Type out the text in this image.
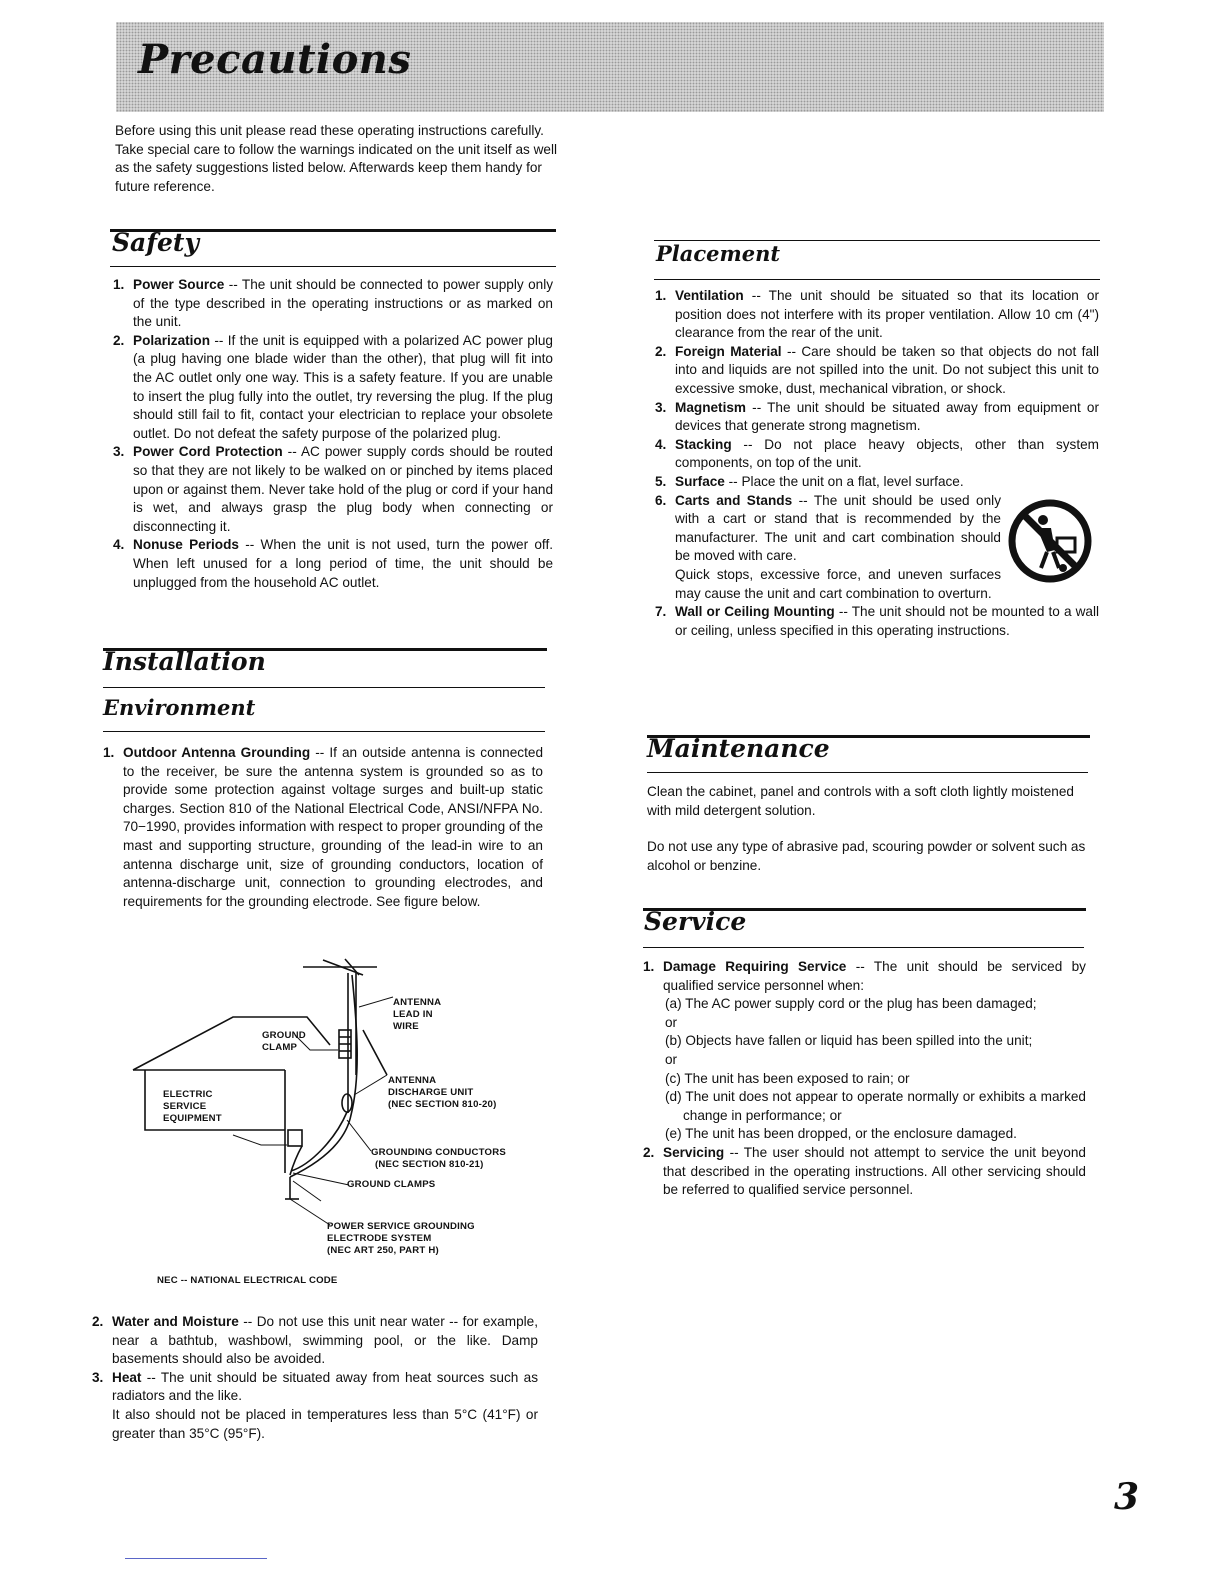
Precautions

Before using this unit please read these operating instructions carefully. Take special care to follow the warnings indicated on the unit itself as well as the safety suggestions listed below. Afterwards keep them handy for future reference.

Safety
1. Power Source -- The unit should be connected to power supply only of the type described in the operating instructions or as marked on the unit.
2. Polarization -- If the unit is equipped with a polarized AC power plug (a plug having one blade wider than the other), that plug will fit into the AC outlet only one way. This is a safety feature. If you are unable to insert the plug fully into the outlet, try reversing the plug. If the plug should still fail to fit, contact your electrician to replace your obsolete outlet. Do not defeat the safety purpose of the polarized plug.
3. Power Cord Protection -- AC power supply cords should be routed so that they are not likely to be walked on or pinched by items placed upon or against them. Never take hold of the plug or cord if your hand is wet, and always grasp the plug body when connecting or disconnecting it.
4. Nonuse Periods -- When the unit is not used, turn the power off. When left unused for a long period of time, the unit should be unplugged from the household AC outlet.
Installation
Environment
1. Outdoor Antenna Grounding -- If an outside antenna is connected to the receiver, be sure the antenna system is grounded so as to provide some protection against voltage surges and built-up static charges. Section 810 of the National Electrical Code, ANSI/NFPA No. 70−1990, provides information with respect to proper grounding of the mast and supporting structure, grounding of the lead-in wire to an antenna discharge unit, size of grounding conductors, location of antenna-discharge unit, connection to grounding electrodes, and requirements for the grounding electrode. See figure below.
ANTENNA
LEAD IN
WIRE
GROUND
CLAMP
ANTENNA
DISCHARGE UNIT
(NEC SECTION 810-20)
ELECTRIC
SERVICE
EQUIPMENT
GROUNDING CONDUCTORS
(NEC SECTION 810-21)
GROUND CLAMPS
POWER SERVICE GROUNDING
ELECTRODE SYSTEM
(NEC ART 250, PART H)
NEC -- NATIONAL ELECTRICAL CODE
2. Water and Moisture -- Do not use this unit near water -- for example, near a bathtub, washbowl, swimming pool, or the like. Damp basements should also be avoided.
3. Heat -- The unit should be situated away from heat sources such as radiators and the like.
It also should not be placed in temperatures less than 5°C (41°F) or greater than 35°C (95°F).
Placement
1. Ventilation -- The unit should be situated so that its location or position does not interfere with its proper ventilation. Allow 10 cm (4") clearance from the rear of the unit.
2. Foreign Material -- Care should be taken so that objects do not fall into and liquids are not spilled into the unit. Do not subject this unit to excessive smoke, dust, mechanical vibration, or shock.
3. Magnetism -- The unit should be situated away from equipment or devices that generate strong magnetism.
4. Stacking -- Do not place heavy objects, other than system components, on top of the unit.
5. Surface -- Place the unit on a flat, level surface.
6. Carts and Stands -- The unit should be used only with a cart or stand that is recommended by the manufacturer. The unit and cart combination should be moved with care.
Quick stops, excessive force, and uneven surfaces may cause the unit and cart combination to overturn.
7. Wall or Ceiling Mounting -- The unit should not be mounted to a wall or ceiling, unless specified in this operating instructions.
Maintenance

Clean the cabinet, panel and controls with a soft cloth lightly moistened with mild detergent solution.

Do not use any type of abrasive pad, scouring powder or solvent such as alcohol or benzine.

Service
1. Damage Requiring Service -- The unit should be serviced by qualified service personnel when:
(a) The AC power supply cord or the plug has been damaged;
or
(b) Objects have fallen or liquid has been spilled into the unit;
or
(c) The unit has been exposed to rain; or
(d) The unit does not appear to operate normally or exhibits a marked change in performance; or
(e) The unit has been dropped, or the enclosure damaged.
2. Servicing -- The user should not attempt to service the unit beyond that described in the operating instructions. All other servicing should be referred to qualified service personnel.
3
